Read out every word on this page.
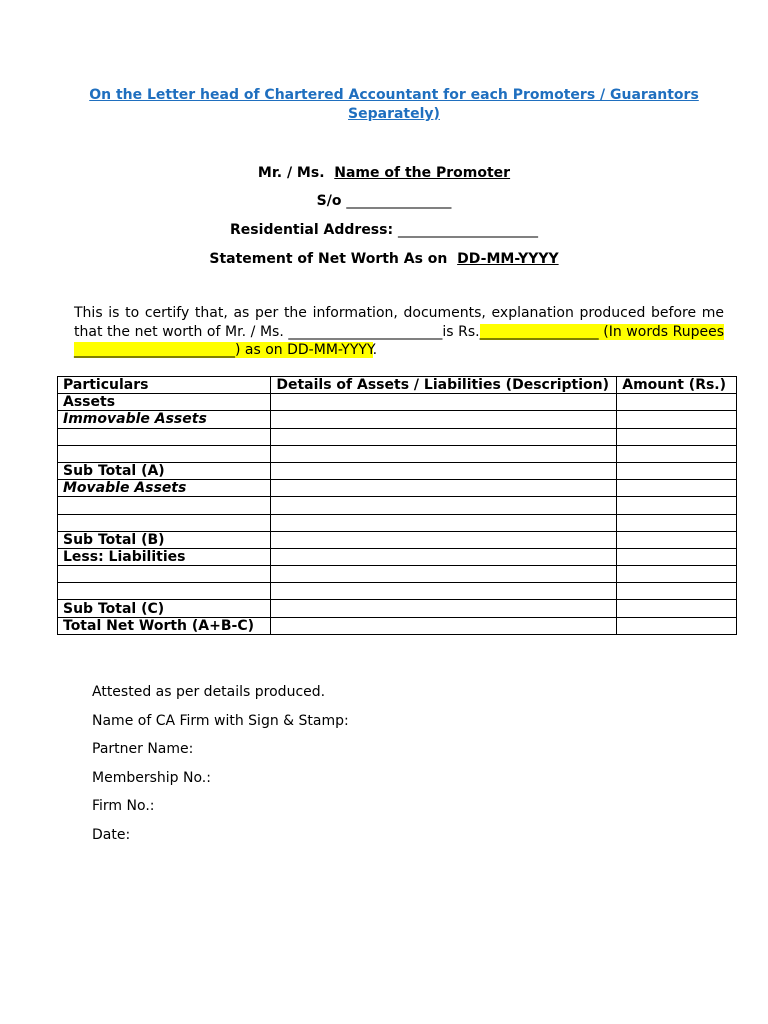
On the Letter head of Chartered Accountant for each Promoters / Guarantors
Separately)
Mr. / Ms. Name of the Promoter
S/o _______________
Residential Address: ____________________
Statement of Net Worth As on DD-MM-YYYY
This is to certify that, as per the information, documents, explanation produced before me that the net worth of Mr. / Ms. ______________________is Rs._________________ (In words Rupees _______________________) as on DD-MM-YYYY.
Particulars	Details of Assets / Liabilities (Description)	Amount (Rs.)
Assets		
Immovable Assets		

Sub Total (A)		
Movable Assets		

Sub Total (B)		
Less: Liabilities		

Sub Total (C)		
Total Net Worth (A+B-C)		
Attested as per details produced.
Name of CA Firm with Sign & Stamp:
Partner Name:
Membership No.:
Firm No.:
Date:
